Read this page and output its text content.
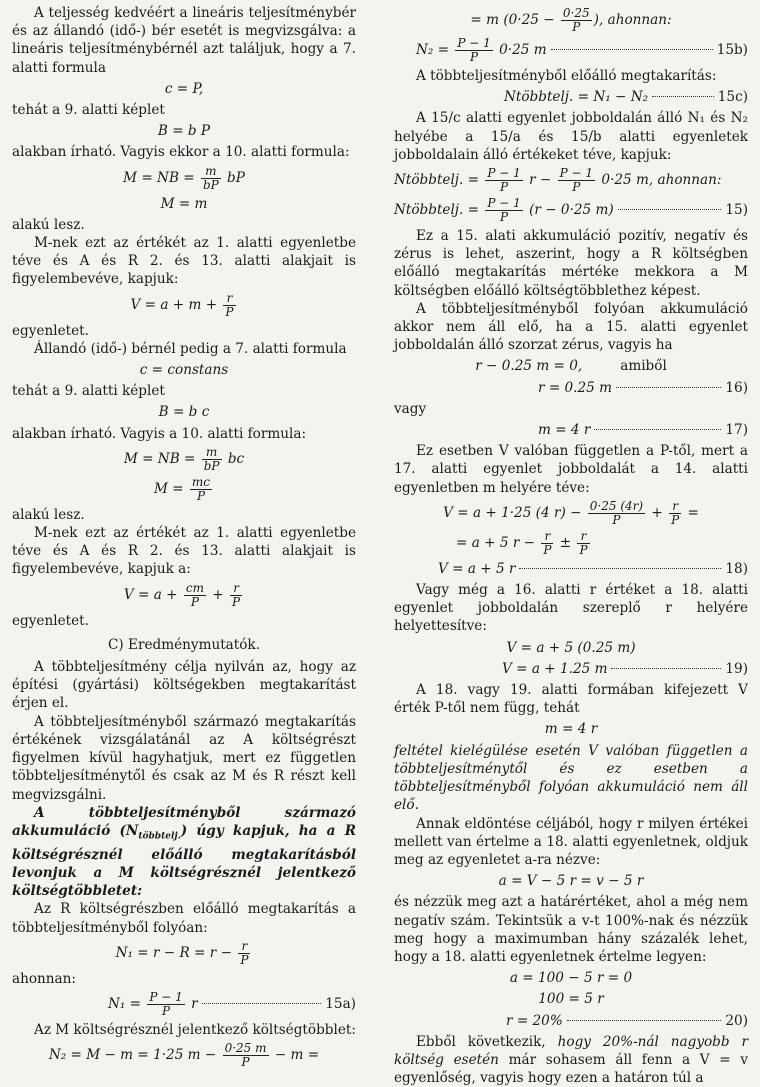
A teljesség kedvéért a lineáris teljesítménybér és az állandó (idő-) bér esetét is megvizsgálva: a lineáris teljesítménybérnél azt találjuk, hogy a 7. alatti formula

c = P,

tehát a 9. alatti képlet

B = b P

alakban írható. Vagyis ekkor a 10. alatti formula:

M = NB = $\frac{m}{bP}$ bP
M = m

alakú lesz.

M-nek ezt az értékét az 1. alatti egyenletbe téve és A és R 2. és 13. alatti alakjait is figyelembevéve, kapjuk:

$V = a + m + \frac{r}{P}$

egyenletet.

Állandó (idő-) bérnél pedig a 7. alatti formula

c = constans

tehát a 9. alatti képlet

B = b c

alakban írható. Vagyis a 10. alatti formula:

M = NB = $\frac{m}{bP}$ bc
$M = \frac{mc}{P}$

alakú lesz.

M-nek ezt az értékét az 1. alatti egyenletbe téve és A és R 2. és 13. alatti alakjait is figyelembevéve, kapjuk a:

$V = a + \frac{cm}{P} + \frac{r}{P}$

egyenletet.

C) Eredménymutatók.

A többteljesítmény célja nyilván az, hogy az építési (gyártási) költségekben megtakarítást érjen el.

A többteljesítményből származó megtakarítás értékének vizsgálatánál az A költségrészt figyelmen kívül hagyhatjuk, mert ez független többteljesítménytől és csak az M és R részt kell megvizsgálni.

A többteljesítményből származó akkumuláció $(N_{többtelj.})$ úgy kapjuk, ha a R költségrésznél előálló megtakarításból levonjuk a M költségrésznél jelentkező költségtöbbletet:

Az R költségrészben előálló megtakarítás a többteljesítményből folyóan:

$N_1 = r - R = r - \frac{r}{P}$

ahonnan:

$N_1 = \frac{P - 1}{P}$ r	15a)

Az M költségrésznél jelentkező költségtöbblet:

N₂ = M − m = 1·25 $m - \frac{0\cdot 25 m}{P} - m$ =
= m ($0\cdot 25 - \frac{0\cdot 25}{P}$ ), ahonnan:
$N_2 = \frac{P - 1}{P} 0\cdot 25$ m	15b)

A többteljesítményből előálló megtakarítás:

Ntöbbtelj. = N₁ − N₂	15c)

A 15/c alatti egyenlet jobboldalán álló N₁ és N₂ helyébe a 15/a és 15/b alatti egyenletek jobboldalain álló értékeket téve, kapjuk:

Ntöbbtelj. = $\frac{P - 1}{P}$ $r - \frac{P - 1}{P} 0\cdot 25$ m, ahonnan:
Ntöbbtelj. = $\frac{P - 1}{P} (r - 0\cdot 25$ m)	15)

Ez a 15. alati akkumuláció pozitív, negatív és zérus is lehet, aszerint, hogy a R költségben előálló megtakarítás mértéke mekkora a M költségben előálló költségtöbblethez képest.

A többteljesítményből folyóan akkumuláció akkor nem áll elő, ha a 15. alatti egyenlet jobboldalán álló szorzat zérus, vagyis ha

r − 0.25 m = 0,	amiből
r = 0.25 m	16)

vagy

m = 4 r	17)

Ez esetben V valóban független a P-től, mert a 17. alatti egyenlet jobboldalát a 14. alatti egyenletben m helyére téve:

V = a + 1·25 (4 $r) - \frac{0\cdot 25 (4r)}{P} + \frac{r}{P}$ =
= a + 5 $r - \frac{r}{P} \pm \frac{r}{P}$
V = a + 5 r	18)

Vagy még a 16. alatti r értéket a 18. alatti egyenlet jobboldalán szereplő r helyére helyettesítve:

V = a + 5 (0.25 m)
V = a + 1.25 m	19)

A 18. vagy 19. alatti formában kifejezett V érték P-től nem függ, tehát

m = 4 r

feltétel kielégülése esetén V valóban független a többteljesítménytől és ez esetben a többteljesítményből folyóan akkumuláció nem áll elő.

Annak eldöntése céljából, hogy r milyen értékei mellett van értelme a 18. alatti egyenletnek, oldjuk meg az egyenletet a-ra nézve:

a = V − 5 r = v − 5 r

és nézzük meg azt a határértéket, ahol a még nem negatív szám. Tekintsük a v-t 100%-nak és nézzük meg hogy a maximumban hány százalék lehet, hogy a 18. alatti egyenletnek értelme legyen:

a = 100 − 5 r = 0
100 = 5 r
r = 20%	20)

Ebből következik, hogy 20%-nál nagyobb r költség esetén már sohasem áll fenn a V = v egyenlőség, vagyis hogy ezen a határon túl a
